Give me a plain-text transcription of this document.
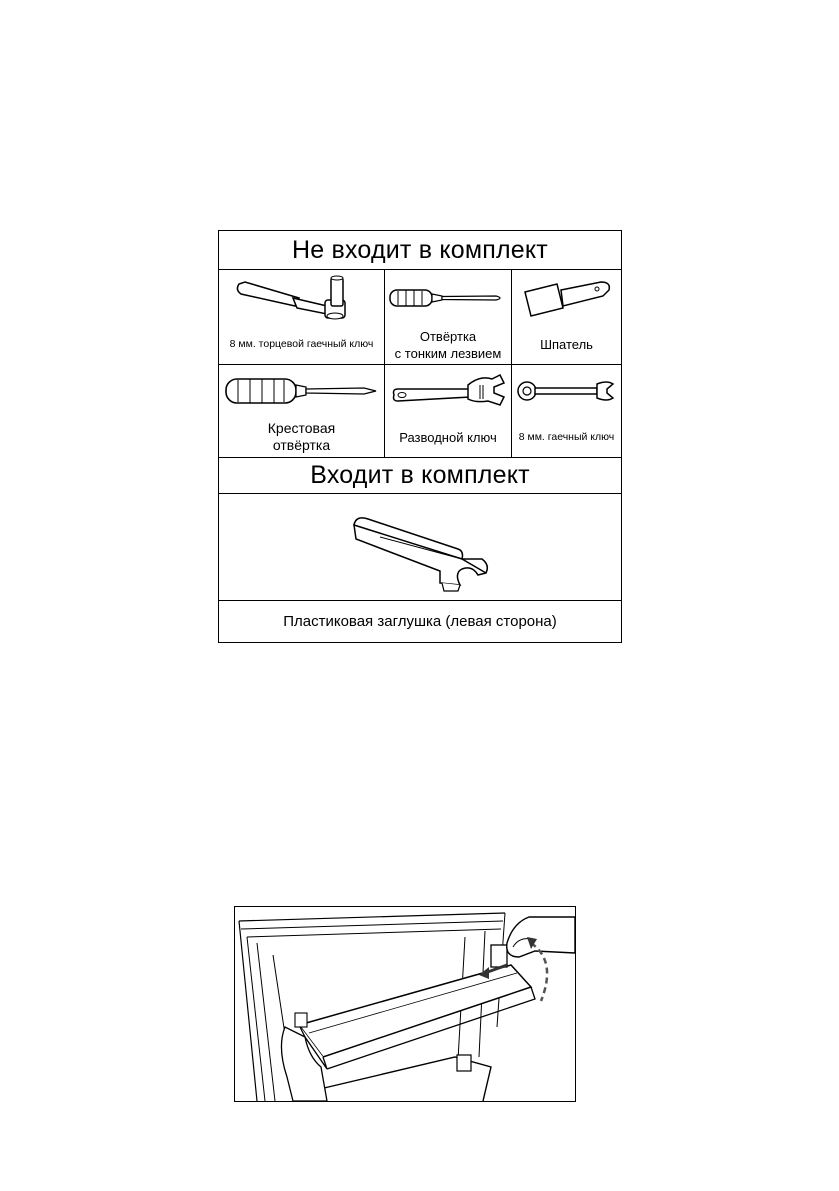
Не входит в комплект
8 мм. торцевой гаечный ключ
Отвёртка
с тонким лезвием
Шпатель
Крестовая
отвёртка	Разводной ключ 8 мм. гаечный ключ
Входит в комплект
Пластиковая заглушка (левая сторона)
